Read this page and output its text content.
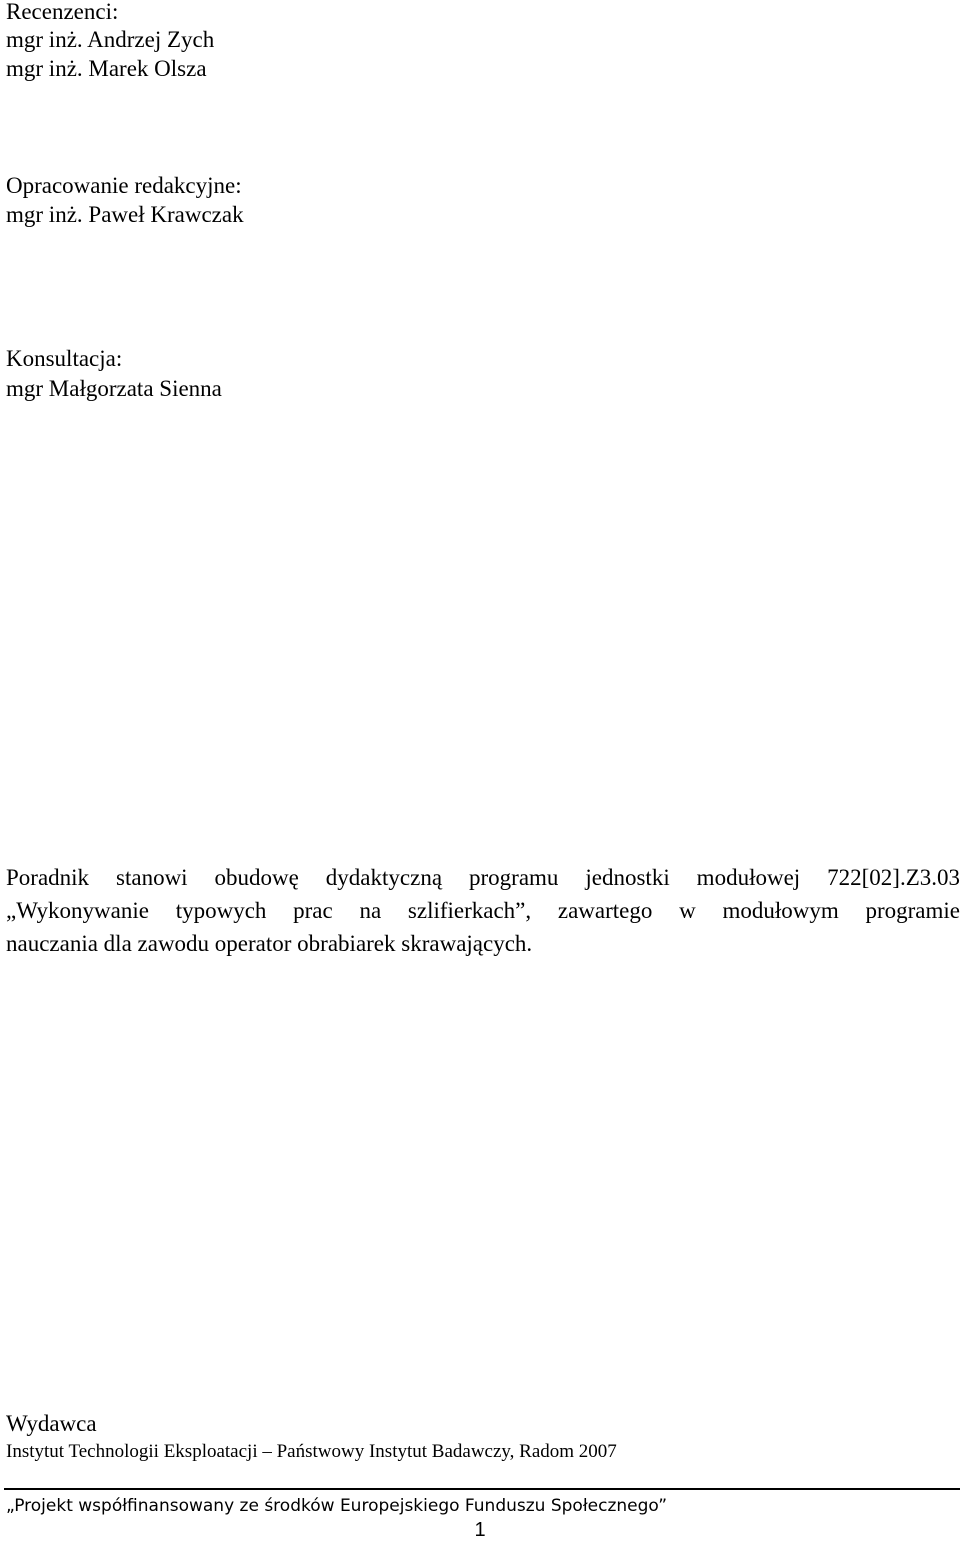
Recenzenci:
mgr inż. Andrzej Zych
mgr inż. Marek Olsza
Opracowanie redakcyjne:
mgr inż. Paweł Krawczak
Konsultacja:
mgr Małgorzata Sienna

Poradnik stanowi obudowę dydaktyczną programu jednostki modułowej 722[02].Z3.03

„Wykonywanie typowych prac na szlifierkach”, zawartego w modułowym programie

nauczania dla zawodu operator obrabiarek skrawających.

Wydawca
Instytut Technologii Eksploatacji – Państwowy Instytut Badawczy, Radom 2007
„Projekt współfinansowany ze środków Europejskiego Funduszu Społecznego”
1
